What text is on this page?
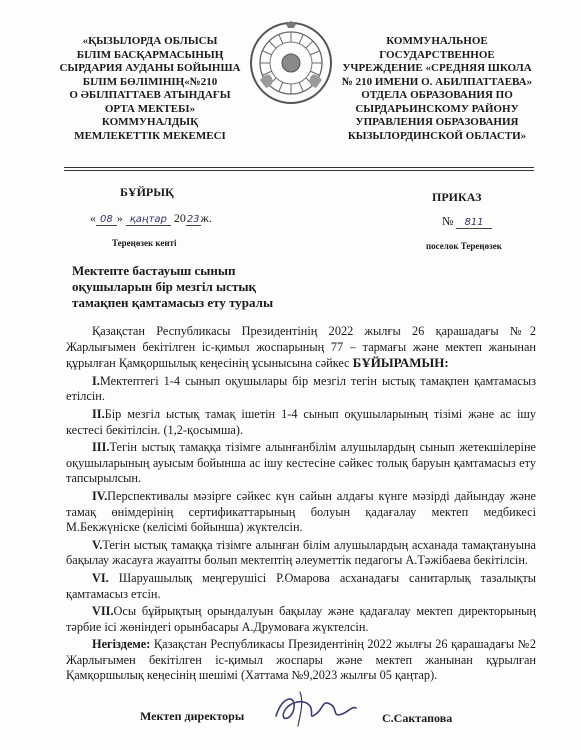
«ҚЫЗЫЛОРДА ОБЛЫСЫ
БІЛІМ БАСҚАРМАСЫНЫҢ
СЫРДАРИЯ АУДАНЫ БОЙЫНША
БІЛІМ БӨЛІМІНІҢ«№210
О ӘБІЛПАТТАЕВ АТЫНДАҒЫ
ОРТА МЕКТЕБІ»
КОММУНАЛДЫҚ
МЕМЛЕКЕТТІК МЕКЕМЕСІ
КОММУНАЛЬНОЕ
ГОСУДАРСТВЕННОЕ
УЧРЕЖДЕНИЕ «СРЕДНЯЯ ШКОЛА
№ 210 ИМЕНИ О. АБИЛПАТТАЕВА»
ОТДЕЛА ОБРАЗОВАНИЯ ПО
СЫРДАРЬИНСКОМУ РАЙОНУ
УПРАВЛЕНИЯ ОБРАЗОВАНИЯ
КЫЗЫЛОРДИНСКОЙ ОБЛАСТИ»
БҰЙРЫҚ	ПРИКАЗ
« 08 » қаңтар 2023ж.	№ 811
Тереңөзек кенті	поселок Тереңөзек
Мектепте бастауыш сынып
оқушыларын бір мезгіл ыстық
тамақпен қамтамасыз ету туралы

Қазақстан Республикасы Президентінің 2022 жылғы 26 қарашадағы №2 Жарлығымен бекітілген іс-қимыл жоспарының 77 – тармағы және мектеп жанынан құрылған Қамқоршылық кеңесінің ұсынысына сәйкес БҰЙЫРАМЫН:

I.Мектептегі 1-4 сынып оқушылары бір мезгіл тегін ыстық тамақпен қамтамасыз етілсін.

II.Бір мезгіл ыстық тамақ ішетін 1-4 сынып оқушыларының тізімі және ас ішу кестесі бекітілсін. (1,2-қосымша).

III.Тегін ыстық тамаққа тізімге алынғанбілім алушылардың сынып жетекшілеріне оқушыларының ауысым бойынша ас ішу кестесіне сәйкес толық баруын қамтамасыз ету тапсырылсын.

IV.Перспективалы мәзірге сәйкес күн сайын алдағы күнге мәзірді дайындау және тамақ өнімдерінің сертификаттарының болуын қадағалау мектеп медбикесі М.Бекжүніске (келісімі бойынша) жүктелсін.

V.Тегін ыстық тамаққа тізімге алынған білім алушылардың асханада тамақтануына бақылау жасауға жауапты болып мектептің әлеуметтік педагогы А.Тәжібаева бекітілсін.

VI. Шаруашылық меңгерушісі Р.Омарова асханадағы санитарлық тазалықты қамтамасыз етсін.

VII.Осы бұйрықтың орындалуын бақылау және қадағалау мектеп директорының тәрбие ісі жөніндегі орынбасары А.Друмоваға жүктелсін.

Негіздеме: Қазақстан Республикасы Президентінің 2022 жылғы 26 қарашадағы №2 Жарлығымен бекітілген іс-қимыл жоспары және мектеп жанынан құрылған Қамқоршылық кеңесінің шешімі (Хаттама №9,2023 жылғы 05 қаңтар).

Мектеп директоры	С.Сактапова
